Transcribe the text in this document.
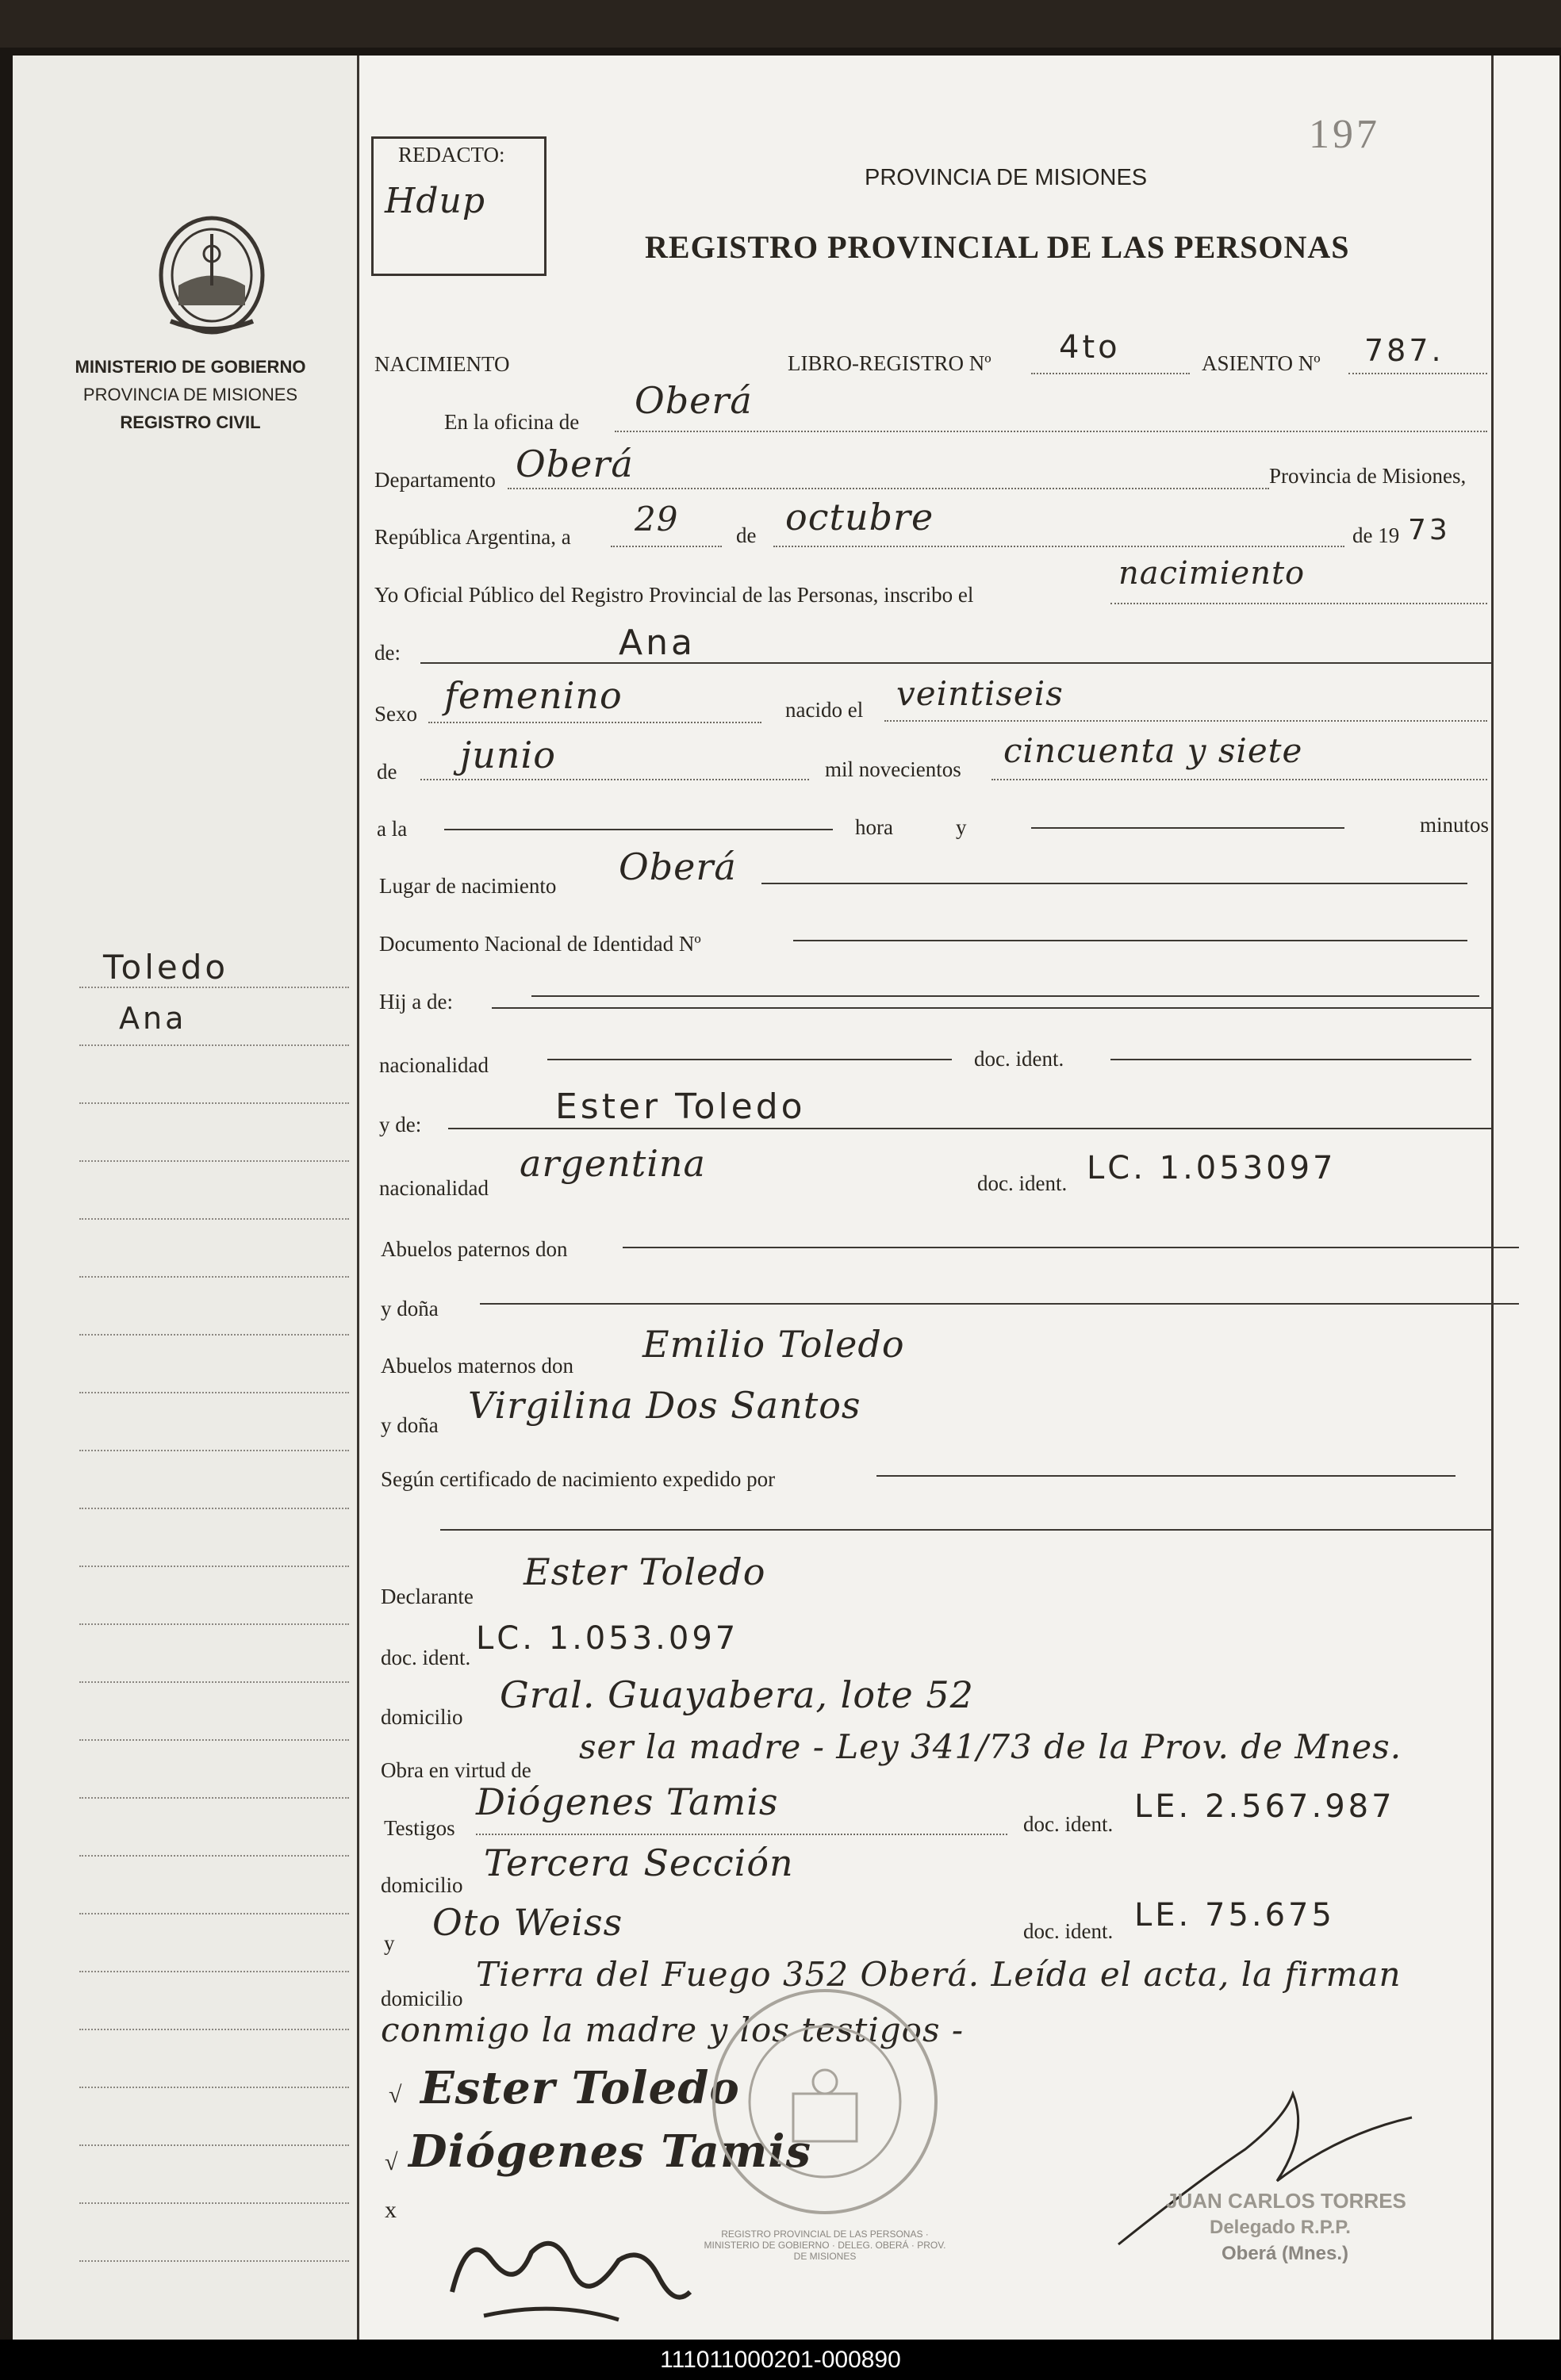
MINISTERIO DE GOBIERNO
PROVINCIA DE MISIONES
REGISTRO CIVIL
Toledo
Ana
REDACTO:
Hdup
197
PROVINCIA DE MISIONES
REGISTRO PROVINCIAL DE LAS PERSONAS
NACIMIENTO	LIBRO-REGISTRO Nº 4to	ASIENTO Nº 787.
En la oficina de Oberá
Departamento Oberá	Provincia de Misiones,
República Argentina, a 29	de octubre	de 19 73
Yo Oficial Público del Registro Provincial de las Personas, inscribo el
nacimiento
de:	Ana
Sexo femenino	nacido el veintiseis
de junio	mil novecientos cincuenta y siete
a la	hora	y	minutos
Lugar de nacimiento Oberá
Documento Nacional de Identidad Nº
Hij a de:
nacionalidad	doc. ident.
y de:	Ester Toledo
nacionalidad
argentina	doc. ident. LC. 1.053097
Abuelos paternos don
y doña
Abuelos maternos don Emilio Toledo
y doña Virgilina Dos Santos
Según certificado de nacimiento expedido por
Declarante
Ester Toledo
doc. ident.
LC. 1.053.097
domicilio
Gral. Guayabera, lote 52
Obra en virtud de
ser la madre - Ley 341/73 de la Prov. de Mnes.
Testigos
Diógenes Tamis
doc. ident. LE. 2.567.987
domicilio
Tercera Sección
y Oto Weiss	doc. ident. LE. 75.675
domicilio
Tierra del Fuego 352 Oberá. Leída el acta, la firman
conmigo la madre y los testigos -
√ Ester Toledo
√ Diógenes Tamis
x
REGISTRO PROVINCIAL DE LAS PERSONAS · MINISTERIO DE GOBIERNO · DELEG. OBERÁ · PROV. DE MISIONES
JUAN CARLOS TORRES
Delegado R.P.P.
Oberá (Mnes.)
111011000201-000890
